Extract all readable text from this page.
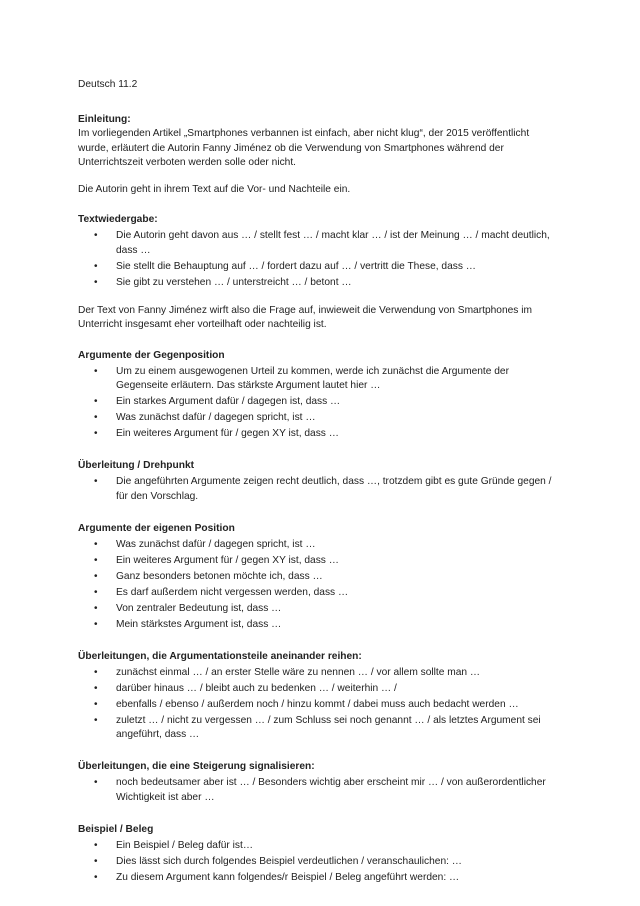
Deutsch 11.2

Einleitung:

Im vorliegenden Artikel „Smartphones verbannen ist einfach, aber nicht klug“, der 2015 veröffentlicht wurde, erläutert die Autorin Fanny Jiménez ob die Verwendung von Smartphones während der Unterrichtszeit verboten werden solle oder nicht.

Die Autorin geht in ihrem Text auf die Vor- und Nachteile ein.

Textwiedergabe:

• Die Autorin geht davon aus … / stellt fest … / macht klar … / ist der Meinung … / macht deutlich, dass …
• Sie stellt die Behauptung auf … / fordert dazu auf … / vertritt die These, dass …
• Sie gibt zu verstehen … / unterstreicht … / betont …

Der Text von Fanny Jiménez wirft also die Frage auf, inwieweit die Verwendung von Smartphones im Unterricht insgesamt eher vorteilhaft oder nachteilig ist.

Argumente der Gegenposition

• Um zu einem ausgewogenen Urteil zu kommen, werde ich zunächst die Argumente der Gegenseite erläutern. Das stärkste Argument lautet hier …
• Ein starkes Argument dafür / dagegen ist, dass …
• Was zunächst dafür / dagegen spricht, ist …
• Ein weiteres Argument für / gegen XY ist, dass …

Überleitung / Drehpunkt

• Die angeführten Argumente zeigen recht deutlich, dass …, trotzdem gibt es gute Gründe gegen / für den Vorschlag.

Argumente der eigenen Position

• Was zunächst dafür / dagegen spricht, ist …
• Ein weiteres Argument für / gegen XY ist, dass …
• Ganz besonders betonen möchte ich, dass …
• Es darf außerdem nicht vergessen werden, dass …
• Von zentraler Bedeutung ist, dass …
• Mein stärkstes Argument ist, dass …

Überleitungen, die Argumentationsteile aneinander reihen:

• zunächst einmal … / an erster Stelle wäre zu nennen … / vor allem sollte man …
• darüber hinaus … / bleibt auch zu bedenken … / weiterhin … /
• ebenfalls / ebenso / außerdem noch / hinzu kommt / dabei muss auch bedacht werden …
• zuletzt … / nicht zu vergessen … / zum Schluss sei noch genannt … / als letztes Argument sei angeführt, dass …

Überleitungen, die eine Steigerung signalisieren:

• noch bedeutsamer aber ist … / Besonders wichtig aber erscheint mir … / von außerordentlicher Wichtigkeit ist aber …

Beispiel / Beleg

• Ein Beispiel / Beleg dafür ist…
• Dies lässt sich durch folgendes Beispiel verdeutlichen / veranschaulichen: …
• Zu diesem Argument kann folgendes/r Beispiel / Beleg angeführt werden: …
